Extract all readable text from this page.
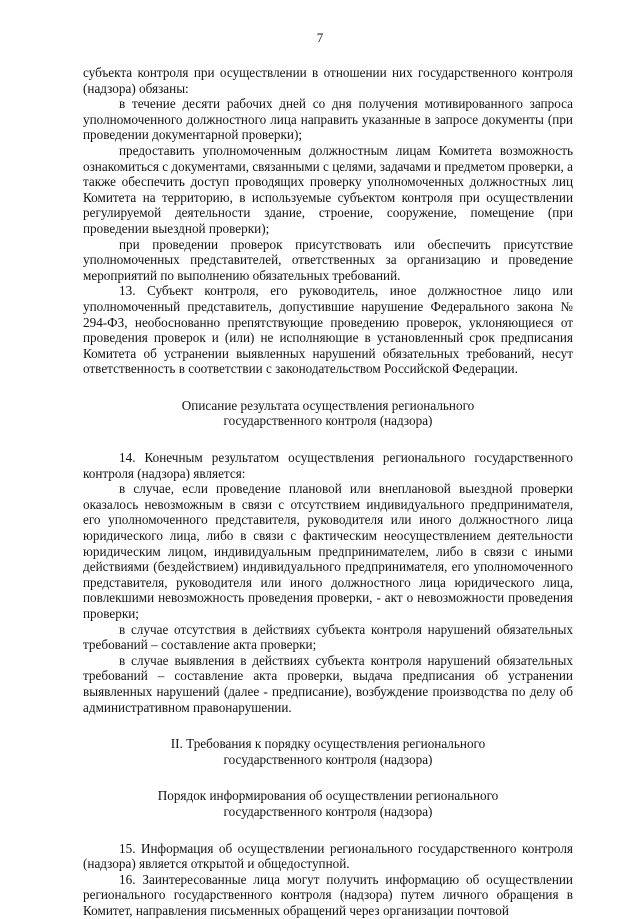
7

субъекта контроля при осуществлении в отношении них государственного контроля (надзора) обязаны:

в течение десяти рабочих дней со дня получения мотивированного запроса уполномоченного должностного лица направить указанные в запросе документы (при проведении документарной проверки);

предоставить уполномоченным должностным лицам Комитета возможность ознакомиться с документами, связанными с целями, задачами и предметом проверки, а также обеспечить доступ проводящих проверку уполномоченных должностных лиц Комитета на территорию, в используемые субъектом контроля при осуществлении регулируемой деятельности здание, строение, сооружение, помещение (при проведении выездной проверки);

при проведении проверок присутствовать или обеспечить присутствие уполномоченных представителей, ответственных за организацию и проведение мероприятий по выполнению обязательных требований.

13. Субъект контроля, его руководитель, иное должностное лицо или уполномоченный представитель, допустившие нарушение Федерального закона № 294-ФЗ, необоснованно препятствующие проведению проверок, уклоняющиеся от проведения проверок и (или) не исполняющие в установленный срок предписания Комитета об устранении выявленных нарушений обязательных требований, несут ответственность в соответствии с законодательством Российской Федерации.

Описание результата осуществления регионального
государственного контроля (надзора)

14. Конечным результатом осуществления регионального государственного контроля (надзора) является:

в случае, если проведение плановой или внеплановой выездной проверки оказалось невозможным в связи с отсутствием индивидуального предпринимателя, его уполномоченного представителя, руководителя или иного должностного лица юридического лица, либо в связи с фактическим неосуществлением деятельности юридическим лицом, индивидуальным предпринимателем, либо в связи с иными действиями (бездействием) индивидуального предпринимателя, его уполномоченного представителя, руководителя или иного должностного лица юридического лица, повлекшими невозможность проведения проверки, - акт о невозможности проведения проверки;

в случае отсутствия в действиях субъекта контроля нарушений обязательных требований – составление акта проверки;

в случае выявления в действиях субъекта контроля нарушений обязательных требований – составление акта проверки, выдача предписания об устранении выявленных нарушений (далее - предписание), возбуждение производства по делу об административном правонарушении.

II. Требования к порядку осуществления регионального
государственного контроля (надзора)
Порядок информирования об осуществлении регионального
государственного контроля (надзора)

15. Информация об осуществлении регионального государственного контроля (надзора) является открытой и общедоступной.

16. Заинтересованные лица могут получить информацию об осуществлении регионального государственного контроля (надзора) путем личного обращения в Комитет, направления письменных обращений через организации почтовой
